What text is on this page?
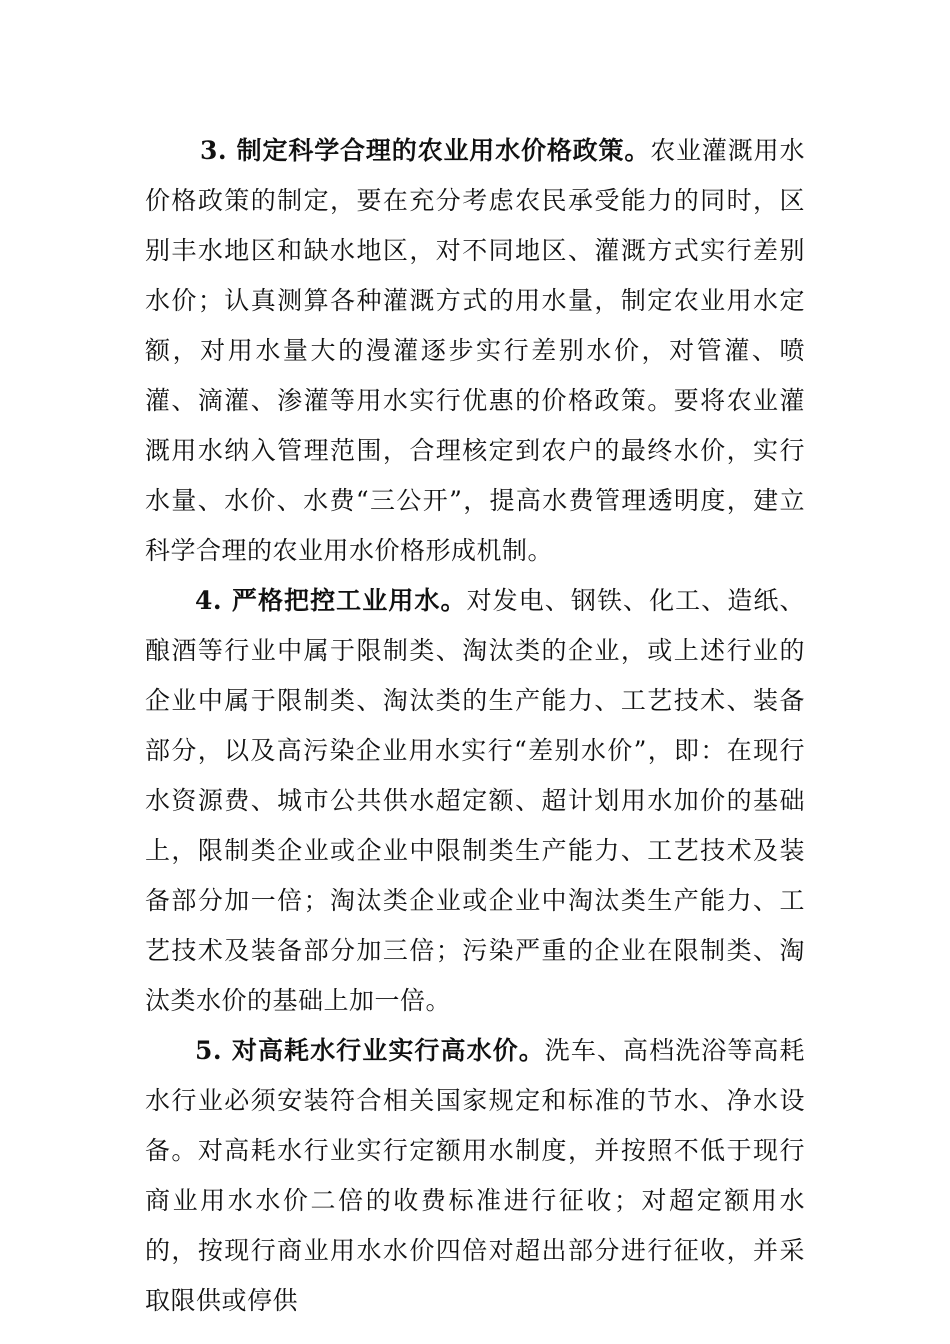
3. 制定科学合理的农业用水价格政策。农业灌溉用水价格政策的制定，要在充分考虑农民承受能力的同时，区别丰水地区和缺水地区，对不同地区、灌溉方式实行差别水价；认真测算各种灌溉方式的用水量，制定农业用水定额，对用水量大的漫灌逐步实行差别水价，对管灌、喷灌、滴灌、渗灌等用水实行优惠的价格政策。要将农业灌溉用水纳入管理范围，合理核定到农户的最终水价，实行水量、水价、水费“三公开”，提高水费管理透明度，建立科学合理的农业用水价格形成机制。

4. 严格把控工业用水。对发电、钢铁、化工、造纸、酿酒等行业中属于限制类、淘汰类的企业，或上述行业的企业中属于限制类、淘汰类的生产能力、工艺技术、装备部分，以及高污染企业用水实行“差别水价”，即：在现行水资源费、城市公共供水超定额、超计划用水加价的基础上，限制类企业或企业中限制类生产能力、工艺技术及装备部分加一倍；淘汰类企业或企业中淘汰类生产能力、工艺技术及装备部分加三倍；污染严重的企业在限制类、淘汰类水价的基础上加一倍。

5. 对高耗水行业实行高水价。洗车、高档洗浴等高耗水行业必须安装符合相关国家规定和标准的节水、净水设备。对高耗水行业实行定额用水制度，并按照不低于现行商业用水水价二倍的收费标准进行征收；对超定额用水的，按现行商业用水水价四倍对超出部分进行征收，并采取限供或停供
